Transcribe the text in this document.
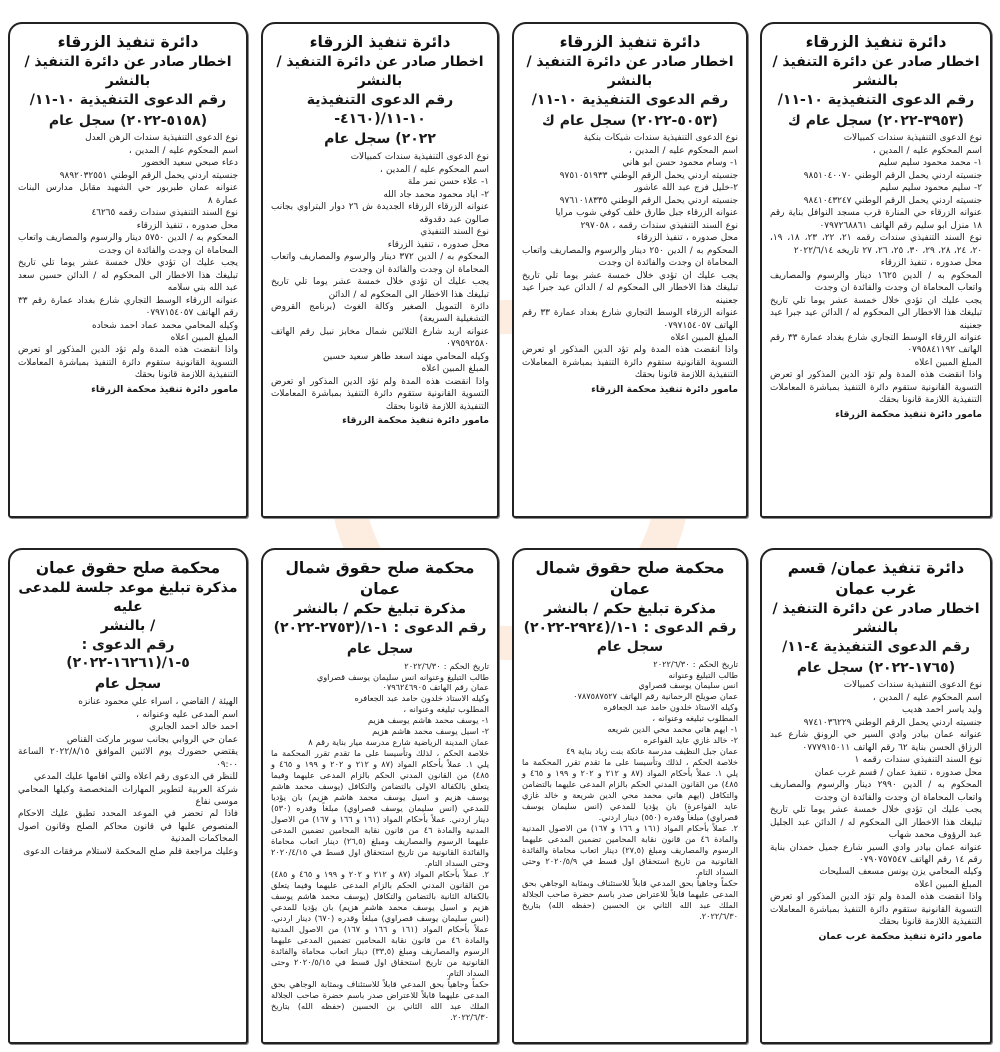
دائرة تنفيذ الزرقاء
اخطار صادر عن دائرة التنفيذ / بالنشر
رقم الدعوى التنفيذية ١٠-١١/
(٣٩٥٣-٢٠٢٢) سجل عام ك
نوع الدعوى التنفيذية سندات كمبيالات
اسم المحكوم عليه / المدين ،
١- محمد محمود سليم سليم
جنسيته اردني يحمل الرقم الوطني ٩٨٥١٠٤٠٠٧٠
٢- سليم محمود سليم سليم
جنسيته اردني يحمل الرقم الوطني ٩٨٤١٠٤٣٢٤٧
عنوانه الزرقاء حي المنارة قرب مسجد النوافل بناية رقم ١٨ منزل ابو سليم رقم الهاتف ٠٧٩٧٢٦٨٨٦١
نوع السند التنفيذي سندات رقمه ٢١، ٢٢، ٢٣، ١٨، ١٩، ٢٠، ٢٤، ٢٨، ٢٩، ٣٠، ٢٥، ٢٦، ٢٧ تاريخه ٢٠٢٢/٦/١٤
محل صدوره ، تنفيذ الزرقاء
المحكوم به / الدين ١٦٢٥ دينار والرسوم والمصاريف واتعاب المحاماة ان وجدت والفائدة ان وجدت
يجب عليك ان تؤدي خلال خمسة عشر يوما تلي تاريخ تبليغك هذا الاخطار الى المحكوم له / الدائن عيد جبرا عيد جعنينه
عنوانه الزرقاء الوسط التجاري شارع بغداد عمارة ٣٣ رقم الهاتف ٠٧٩٥٨٤١١٩٢
المبلغ المبين اعلاه
واذا انقضت هذه المدة ولم تؤد الدين المذكور او تعرض التسوية القانونية ستقوم دائرة التنفيذ بمباشرة المعاملات التنفيذية اللازمة قانونا بحقك
مامور دائرة تنفيذ محكمة الزرقاء
دائرة تنفيذ الزرقاء
اخطار صادر عن دائرة التنفيذ / بالنشر
رقم الدعوى التنفيذية ١٠-١١/
(٥٠٥٣-٢٠٢٢) سجل عام ك
نوع الدعوى التنفيذية سندات شيكات بنكية
اسم المحكوم عليه / المدين ،
١- وسام محمود حسن ابو هاني
جنسيته اردني يحمل الرقم الوطني ٩٧٥١٠٥١٩٣٣
٢-خليل فرج عبد الله عاشور
جنسيته اردني يحمل الرقم الوطني ٩٧٦١٠١٨٣٣٥
عنوانه الزرقاء جبل طارق خلف كوفي شوب مرايا
نوع السند التنفيذي سندات رقمه ، ٢٩٧٠٥٨
محل صدوره ، تنفيذ الزرقاء
المحكوم به / الدين ٢٥٠ دينار والرسوم والمصاريف واتعاب المحاماة ان وجدت والفائدة ان وجدت
يجب عليك ان تؤدي خلال خمسة عشر يوما تلي تاريخ تبليغك هذا الاخطار الى المحكوم له / الدائن عيد جبرا عيد جعنينه
عنوانه الزرقاء الوسط التجاري شارع بغداد عمارة ٣٣ رقم الهاتف ٠٧٩٧١٥٤٠٥٧
المبلغ المبين اعلاه
واذا انقضت هذه المدة ولم تؤد الدين المذكور او تعرض التسوية القانونية ستقوم دائرة التنفيذ بمباشرة المعاملات التنفيذية اللازمة قانونا بحقك
مامور دائرة تنفيذ محكمة الزرقاء
دائرة تنفيذ الزرقاء
اخطار صادر عن دائرة التنفيذ / بالنشر
رقم الدعوى التنفيذية ١٠-١١/(٤١٦٠-
٢٠٢٢) سجل عام
نوع الدعوى التنفيذية سندات كمبيالات
اسم المحكوم عليه / المدين ،
١- علاء حسن نمر ملة
٢- اياد محمود محمد جاد الله
عنوانه الزرقاء الزرقاء الجديدة ش ٢٦ دوار البتراوي بجانب صالون عبد دقدوقه
نوع السند التنفيذي
محل صدوره ، تنفيذ الزرقاء
المحكوم به / الدين ٣٧٢ دينار والرسوم والمصاريف واتعاب المحاماة ان وجدت والفائدة ان وجدت
يجب عليك ان تؤدي خلال خمسة عشر يوما تلي تاريخ تبليغك هذا الاخطار الى المحكوم له / الدائن
دائرة التمويل الصغير وكالة الغوث (برنامج القروض التشغيلية السريعة)
عنوانه اربد شارع الثلاثين شمال مخابز نبيل رقم الهاتف ٠٧٩٥٩٢٥٨٠
وكيله المحامي مهند اسعد طاهر سعيد حسين
المبلغ المبين اعلاه
واذا انقضت هذه المدة ولم تؤد الدين المذكور او تعرض التسوية القانونية ستقوم دائرة التنفيذ بمباشرة المعاملات التنفيذية اللازمة قانونا بحقك
مامور دائرة تنفيذ محكمة الزرقاء
دائرة تنفيذ الزرقاء
اخطار صادر عن دائرة التنفيذ / بالنشر
رقم الدعوى التنفيذية ١٠-١١/
(٥١٥٨-٢٠٢٢) سجل عام
نوع الدعوى التنفيذية سندات الرهن العدل
اسم المحكوم عليه / المدين ،
دعاء صبحي سعيد الخضور
جنسيته اردني يحمل الرقم الوطني ٩٨٩٢٠٣٢٥٥١
عنوانه عمان طبربور حي الشهيد مقابل مدارس البنات عمارة ٨
نوع السند التنفيذي سندات رقمه ٤٦٢٦٥
محل صدوره ، تنفيذ الزرقاء
المحكوم به / الدين ٥٧٥٠ دينار والرسوم والمصاريف واتعاب المحاماة ان وجدت والفائدة ان وجدت
يجب عليك ان تؤدي خلال خمسة عشر يوما تلي تاريخ تبليغك هذا الاخطار الى المحكوم له / الدائن حسين سعد عبد الله بني سلامه
عنوانه الزرقاء الوسط التجاري شارع بغداد عمارة رقم ٣٣ رقم الهاتف ٠٧٩٧١٥٤٠٥٧
وكيله المحامي محمد عماد احمد شحاده
المبلغ المبين اعلاه
واذا انقضت هذه المدة ولم تؤد الدين المذكور او تعرض التسوية القانونية ستقوم دائرة التنفيذ بمباشرة المعاملات التنفيذية اللازمة قانونا بحقك
مامور دائرة تنفيذ محكمة الزرقاء
دائرة تنفيذ عمان/ قسم غرب عمان
اخطار صادر عن دائرة التنفيذ / بالنشر
رقم الدعوى التنفيذية ٤-١١/
(١٧٦٥-٢٠٢٢) سجل عام
نوع الدعوى التنفيذية سندات كمبيالات
اسم المحكوم عليه / المدين ،
وليد ياسر احمد هديب
جنسيته اردني يحمل الرقم الوطني ٩٧٤١٠٣٦٢٢٩
عنوانه عمان بيادر وادي السير حي الرونق شارع عبد الرزاق الحسن بناية ٦٢ رقم الهاتف ٠٧٧٧٩١٥٠١١
نوع السند التنفيذي سندات رقمه ١
محل صدوره ، تنفيذ عمان / قسم غرب عمان
المحكوم به / الدين ٢٩٩٠ دينار والرسوم والمصاريف واتعاب المحاماة ان وجدت والفائدة ان وجدت
يجب عليك ان تؤدي خلال خمسة عشر يوما تلي تاريخ تبليغك هذا الاخطار الى المحكوم له / الدائن عبد الجليل عبد الرؤوف محمد شهاب
عنوانه عمان بيادر وادي السير شارع جميل حمدان بناية رقم ١٤ رقم الهاتف ٠٧٩٠٧٥٧٥٤٧
وكيله المحامي يزن يونس مسعف السليحات
المبلغ المبين اعلاه
واذا انقضت هذه المدة ولم تؤد الدين المذكور او تعرض التسوية القانونية ستقوم دائرة التنفيذ بمباشرة المعاملات التنفيذية اللازمة قانونا بحقك
مامور دائرة تنفيذ محكمة غرب عمان
محكمة صلح حقوق شمال عمان
مذكرة تبليغ حكم / بالنشر
رقم الدعوى : ١-١/(٢٩٢٤-٢٠٢٢) سجل عام
تاريخ الحكم : ٢٠٢٢/٦/٣٠
طالب التبليغ وعنوانه
انس سليمان يوسف قصراوي
عمان صويلح الرحمانية رقم الهاتف ٠٧٨٧٥٨٧٥٢٧
وكيله الاستاذ خلدون حامد عبد الجعافره
المطلوب تبليغه وعنوانه ،
١- ايهم هاني محمد محي الدين شريعه
٢- خالد غازي عايد الفواعره
عمان جبل النظيف مدرسة عاتكة بنت زياد بناية ٤٩
خلاصة الحكم ، لذلك وتأسيسا على ما تقدم تقرر المحكمة ما يلي ١. عملاً بأحكام المواد (٨٧ و ٢١٢ و ٢٠٢ و ١٩٩ و ٤٦٥ و ٤٨٥) من القانون المدني الحكم بالزام المدعى عليهما بالتضامن والتكافل (ايهم هاني محمد محي الدين شريعة و خالد غازي عايد الفواعرة) بان يؤديا للمدعي (انس سليمان يوسف قصراوي) مبلغاً وقدره (٥٥٠) دينار اردني.
٢. عملاً بأحكام المواد (١٦١ و ١٦٦ و ١٦٧) من الاصول المدنية والمادة ٤٦ من قانون نقابة المحامين تضمين المدعى عليهما الرسوم والمصاريف ومبلغ (٢٧,٥) دينار اتعاب محاماة والفائدة القانونية من تاريخ استحقاق اول قسط في ٢٠٢٠/٥/٩ وحتى السداد التام.
حكماً وجاهياً بحق المدعي قابلاً للاستئناف وبمثابة الوجاهي بحق المدعى عليهما قابلاً للاعتراض صدر باسم حضرة صاحب الجلالة الملك عبد الله الثاني بن الحسين (حفظه الله) بتاريخ ٢٠٢٢/٦/٣٠.
محكمة صلح حقوق شمال عمان
مذكرة تبليغ حكم / بالنشر
رقم الدعوى : ١-١/(٢٧٥٣-٢٠٢٢)
سجل عام
تاريخ الحكم : ٢٠٢٢/٦/٣٠
طالب التبليغ وعنوانه انس سليمان يوسف قصراوي
عمان رقم الهاتف ٠٧٩٦٢٤٦٩٠٥
وكيله الاستاذ خلدون حامد عبد الجعافره
المطلوب تبليغه وعنوانه ،
١- يوسف محمد هاشم يوسف هزيم
٢- اسيل يوسف محمد هاشم هزيم
عمان المدينة الرياضية شارع مدرسة ميار بناية رقم ٨
خلاصة الحكم ، لذلك وتأسيسا على ما تقدم تقرر المحكمة ما يلي ١. عملاً بأحكام المواد (٨٧ و ٢١٢ و ٢٠٢ و ١٩٩ و ٤٦٥ و ٤٨٥) من القانون المدني الحكم بالزام المدعى عليهما وفيما يتعلق بالكفالة الاولى بالتضامن والتكافل (يوسف محمد هاشم يوسف هزيم و اسيل يوسف محمد هاشم هزيم) بان يؤديا للمدعي (انس سليمان يوسف قصراوي) مبلغاً وقدره (٥٣٠) دينار اردني. عملاً بأحكام المواد (١٦١ و ١٦٦ و ١٦٧) من الاصول المدنية والمادة ٤٦ من قانون نقابة المحامين تضمين المدعى عليهما الرسوم والمصاريف ومبلغ (٢٦,٥) دينار اتعاب محاماة والفائدة القانونية من تاريخ استحقاق اول قسط في ٢٠٢٠/٤/١٥ وحتى السداد التام.
٢. عملاً بأحكام المواد (٨٧ و ٢١٢ و ٢٠٢ و ١٩٩ و ٤٦٥ و ٤٨٥) من القانون المدني الحكم بالزام المدعى عليهما وفيما يتعلق بالكفالة الثانية بالتضامن والتكافل (يوسف محمد هاشم يوسف هزيم و اسيل يوسف محمد هاشم هزيم) بان يؤديا للمدعي (انس سليمان يوسف قصراوي) مبلغاً وقدره (٦٧٠) دينار اردني. عملاً بأحكام المواد (١٦١ و ١٦٦ و ١٦٧) من الاصول المدنية والمادة ٤٦ من قانون نقابة المحامين تضمين المدعى عليهما الرسوم والمصاريف ومبلغ (٣٣,٥) دينار اتعاب محاماة والفائدة القانونية من تاريخ استحقاق اول قسط في ٢٠٢٠/٥/١٥ وحتى السداد التام.
حكماً وجاهياً بحق المدعي قابلاً للاستئناف وبمثابة الوجاهي بحق المدعى عليهما قابلاً للاعتراض صدر باسم حضرة صاحب الجلالة الملك عبد الله الثاني بن الحسين (حفظه الله) بتاريخ ٢٠٢٢/٦/٣٠.
محكمة صلح حقوق عمان
مذكرة تبليغ موعد جلسة للمدعى عليه
/ بالنشر
رقم الدعوى : ٥-١/(١٦٢٦١-٢٠٢٢)
سجل عام
الهيئة / القاضي ، اسراء علي محمود عنانزه
اسم المدعى عليه وعنوانه ،
احمد خالد احمد الجابري
عمان حي الروابي بجانب سوبر ماركت القناص
يقتضي حضورك يوم الاثنين الموافق ٢٠٢٢/٨/١٥ الساعة ٠٩:٠٠
للنظر في الدعوى رقم اعلاه والتي اقامها عليك المدعي
شركة العربية لتطوير المهارات المتخصصة وكيلها المحامي موسى نفاع
فاذا لم تحضر في الموعد المحدد تطبق عليك الاحكام المنصوص عليها في قانون محاكم الصلح وقانون اصول المحاكمات المدنية
وعليك مراجعة قلم صلح المحكمة لاستلام مرفقات الدعوى
